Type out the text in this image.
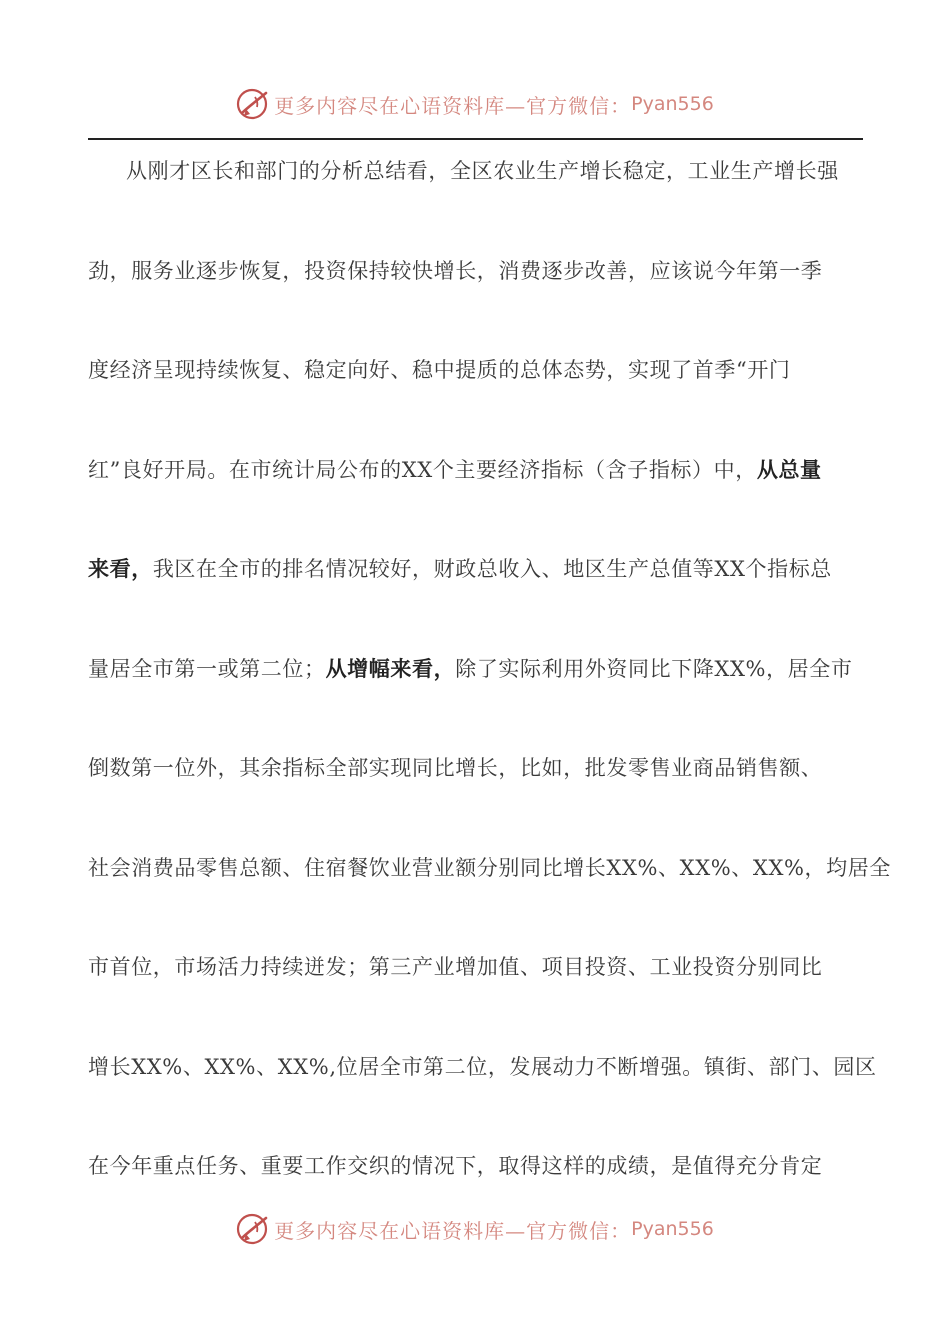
更多内容尽在心语资料库—官方微信： Pyan556
从刚才区长和部门的分析总结看，全区农业生产增长稳定，工业生产增长强
劲，服务业逐步恢复，投资保持较快增长，消费逐步改善，应该说今年第一季
度经济呈现持续恢复、稳定向好、稳中提质的总体态势，实现了首季“开门
红”良好开局。在市统计局公布的XX个主要经济指标（含子指标）中，从总量
来看，我区在全市的排名情况较好，财政总收入、地区生产总值等XX个指标总
量居全市第一或第二位；从增幅来看，除了实际利用外资同比下降XX%，居全市
倒数第一位外，其余指标全部实现同比增长，比如，批发零售业商品销售额、
社会消费品零售总额、住宿餐饮业营业额分别同比增长XX%、XX%、XX%，均居全
市首位，市场活力持续迸发；第三产业增加值、项目投资、工业投资分别同比
增长XX%、XX%、XX%,位居全市第二位，发展动力不断增强。镇街、部门、园区
在今年重点任务、重要工作交织的情况下，取得这样的成绩，是值得充分肯定
更多内容尽在心语资料库—官方微信： Pyan556
